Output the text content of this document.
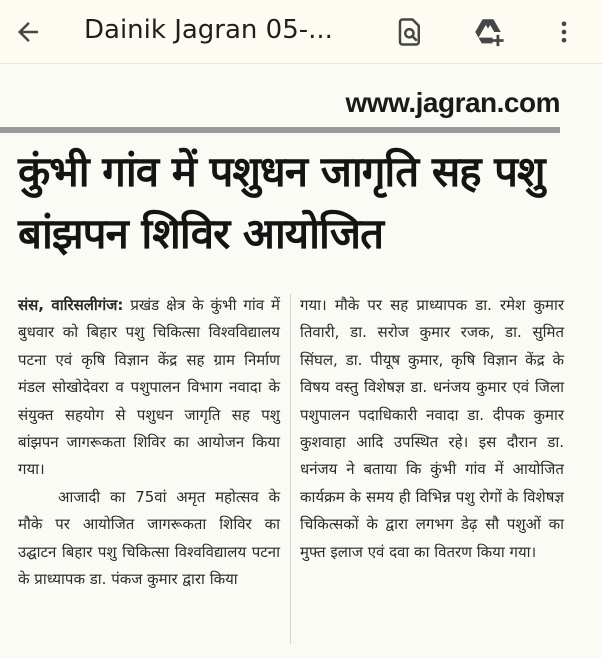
Dainik Jagran 05-...
www.jagran.com
कुंभी गांव में पशुधन जागृति सह पशु बांझपन शिविर आयोजित

संस, वारिसलीगंज: प्रखंड क्षेत्र के कुंभी गांव में बुधवार को बिहार पशु चिकित्सा विश्वविद्यालय पटना एवं कृषि विज्ञान केंद्र सह ग्राम निर्माण मंडल सोखोदेवरा व पशुपालन विभाग नवादा के संयुक्त सहयोग से पशुधन जागृति सह पशु बांझपन जागरूकता शिविर का आयोजन किया गया।

आजादी का 75वां अमृत महोत्सव के मौके पर आयोजित जागरूकता शिविर का उद्घाटन बिहार पशु चिकित्सा विश्वविद्यालय पटना के प्राध्यापक डा. पंकज कुमार द्वारा किया

गया। मौके पर सह प्राध्यापक डा. रमेश कुमार तिवारी, डा. सरोज कुमार रजक, डा. सुमित सिंघल, डा. पीयूष कुमार, कृषि विज्ञान केंद्र के विषय वस्तु विशेषज्ञ डा. धनंजय कुमार एवं जिला पशुपालन पदाधिकारी नवादा डा. दीपक कुमार कुशवाहा आदि उपस्थित रहे। इस दौरान डा. धनंजय ने बताया कि कुंभी गांव में आयोजित कार्यक्रम के समय ही विभिन्न पशु रोगों के विशेषज्ञ चिकित्सकों के द्वारा लगभग डेढ़ सौ पशुओं का मुफ्त इलाज एवं दवा का वितरण किया गया।
